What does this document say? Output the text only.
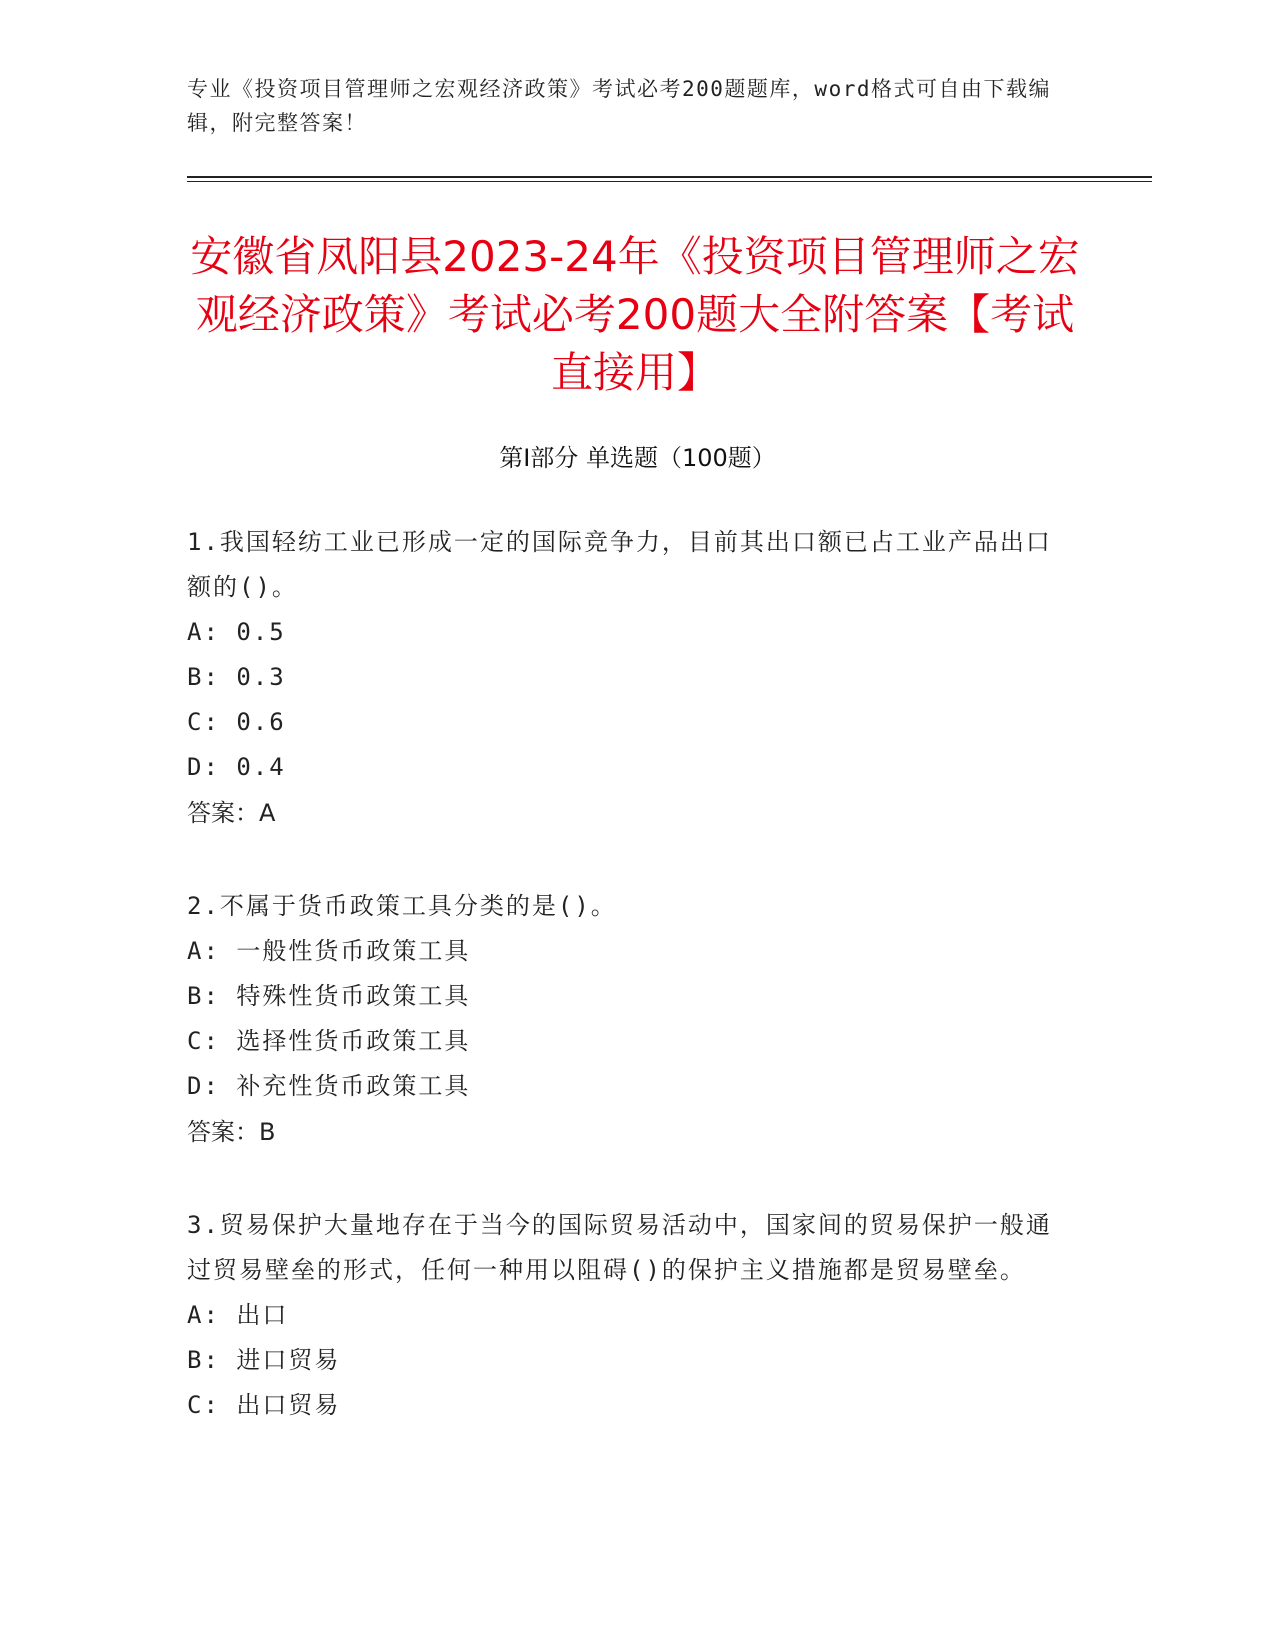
专业《投资项目管理师之宏观经济政策》考试必考200题题库，word格式可自由下载编辑，附完整答案！
安徽省凤阳县2023-24年《投资项目管理师之宏观经济政策》考试必考200题大全附答案【考试直接用】
第I部分 单选题（100题）
1.我国轻纺工业已形成一定的国际竞争力，目前其出口额已占工业产品出口额的()。
A: 0.5
B: 0.3
C: 0.6
D: 0.4
答案：A
2.不属于货币政策工具分类的是()。
A: 一般性货币政策工具
B: 特殊性货币政策工具
C: 选择性货币政策工具
D: 补充性货币政策工具
答案：B
3.贸易保护大量地存在于当今的国际贸易活动中，国家间的贸易保护一般通过贸易壁垒的形式，任何一种用以阻碍()的保护主义措施都是贸易壁垒。
A: 出口
B: 进口贸易
C: 出口贸易
